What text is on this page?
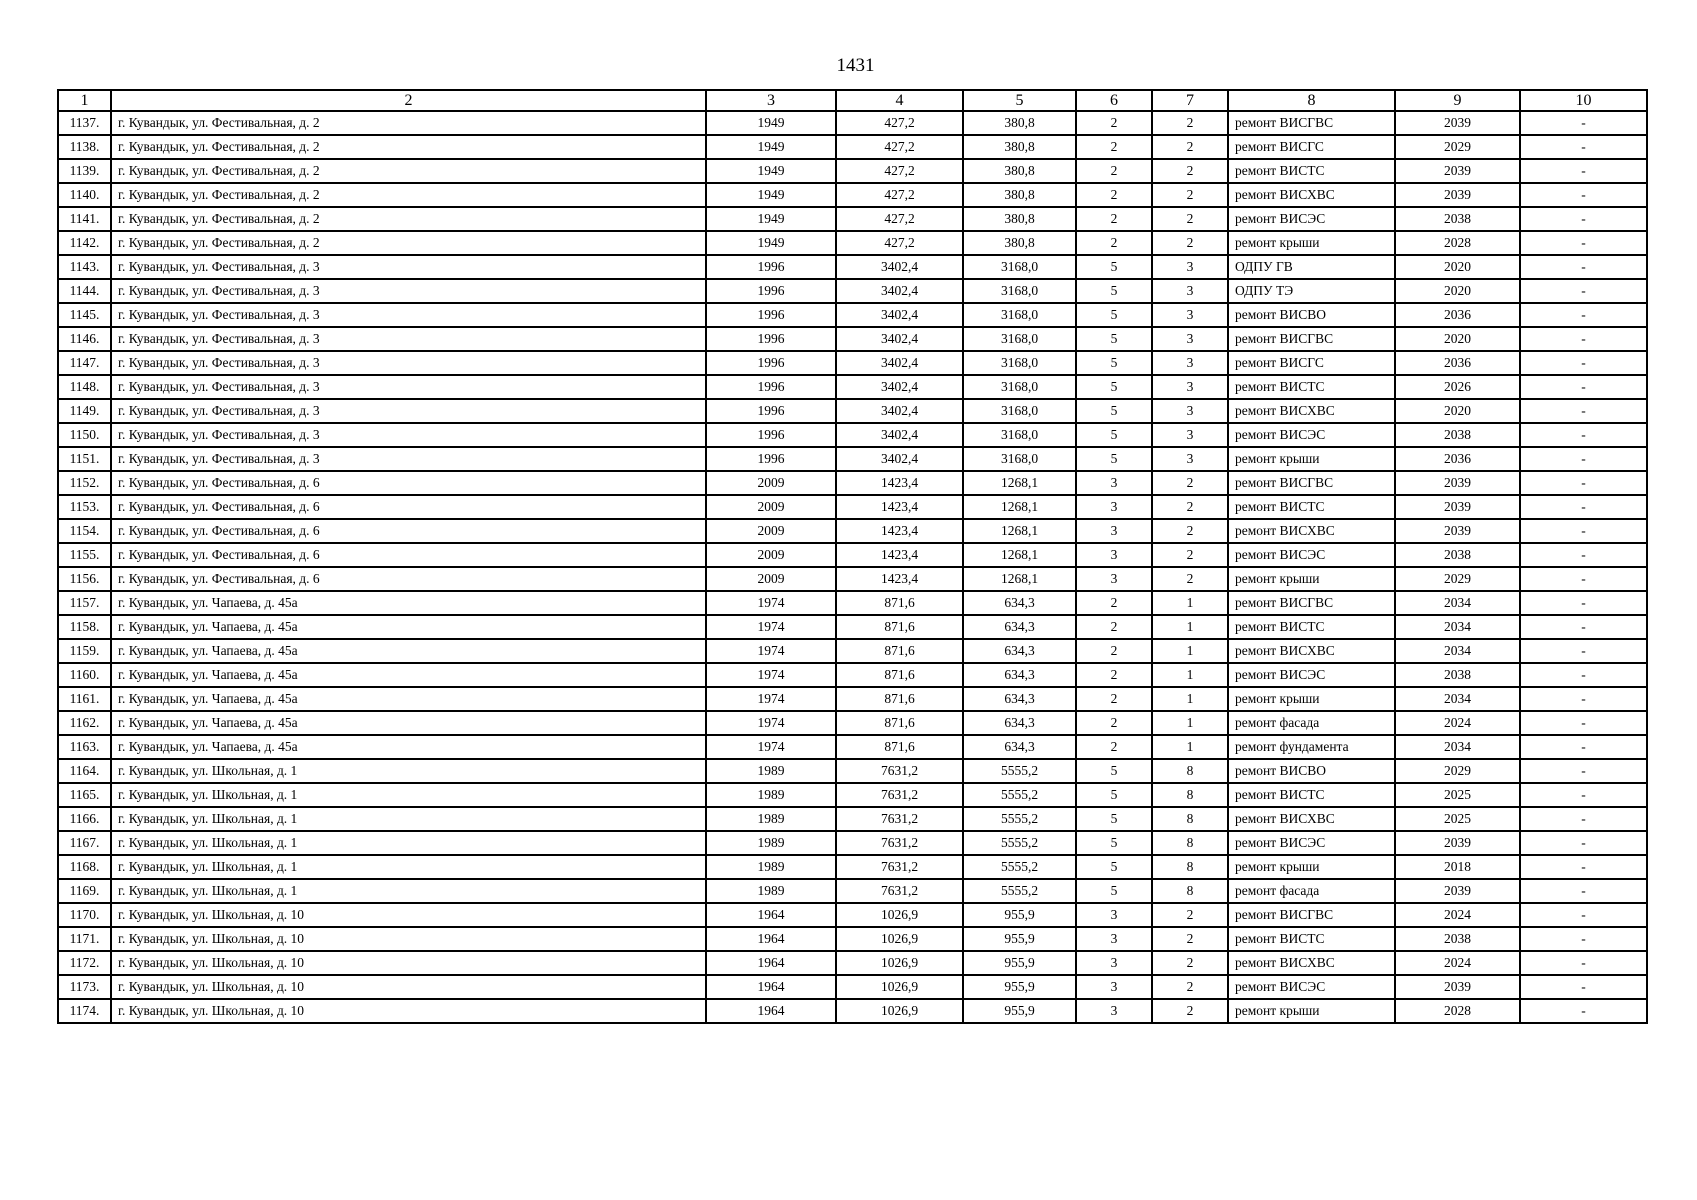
1431
1	2	3	4	5	6	7	8	9	10
1137.	г. Кувандык, ул. Фестивальная, д. 2	1949	427,2	380,8	2	2	ремонт ВИСГВС	2039	-
1138.	г. Кувандык, ул. Фестивальная, д. 2	1949	427,2	380,8	2	2	ремонт ВИСГС	2029	-
1139.	г. Кувандык, ул. Фестивальная, д. 2	1949	427,2	380,8	2	2	ремонт ВИСТС	2039	-
1140.	г. Кувандык, ул. Фестивальная, д. 2	1949	427,2	380,8	2	2	ремонт ВИСХВС	2039	-
1141.	г. Кувандык, ул. Фестивальная, д. 2	1949	427,2	380,8	2	2	ремонт ВИСЭС	2038	-
1142.	г. Кувандык, ул. Фестивальная, д. 2	1949	427,2	380,8	2	2	ремонт крыши	2028	-
1143.	г. Кувандык, ул. Фестивальная, д. 3	1996	3402,4	3168,0	5	3	ОДПУ ГВ	2020	-
1144.	г. Кувандык, ул. Фестивальная, д. 3	1996	3402,4	3168,0	5	3	ОДПУ ТЭ	2020	-
1145.	г. Кувандык, ул. Фестивальная, д. 3	1996	3402,4	3168,0	5	3	ремонт ВИСВО	2036	-
1146.	г. Кувандык, ул. Фестивальная, д. 3	1996	3402,4	3168,0	5	3	ремонт ВИСГВС	2020	-
1147.	г. Кувандык, ул. Фестивальная, д. 3	1996	3402,4	3168,0	5	3	ремонт ВИСГС	2036	-
1148.	г. Кувандык, ул. Фестивальная, д. 3	1996	3402,4	3168,0	5	3	ремонт ВИСТС	2026	-
1149.	г. Кувандык, ул. Фестивальная, д. 3	1996	3402,4	3168,0	5	3	ремонт ВИСХВС	2020	-
1150.	г. Кувандык, ул. Фестивальная, д. 3	1996	3402,4	3168,0	5	3	ремонт ВИСЭС	2038	-
1151.	г. Кувандык, ул. Фестивальная, д. 3	1996	3402,4	3168,0	5	3	ремонт крыши	2036	-
1152.	г. Кувандык, ул. Фестивальная, д. 6	2009	1423,4	1268,1	3	2	ремонт ВИСГВС	2039	-
1153.	г. Кувандык, ул. Фестивальная, д. 6	2009	1423,4	1268,1	3	2	ремонт ВИСТС	2039	-
1154.	г. Кувандык, ул. Фестивальная, д. 6	2009	1423,4	1268,1	3	2	ремонт ВИСХВС	2039	-
1155.	г. Кувандык, ул. Фестивальная, д. 6	2009	1423,4	1268,1	3	2	ремонт ВИСЭС	2038	-
1156.	г. Кувандык, ул. Фестивальная, д. 6	2009	1423,4	1268,1	3	2	ремонт крыши	2029	-
1157.	г. Кувандык, ул. Чапаева, д. 45а	1974	871,6	634,3	2	1	ремонт ВИСГВС	2034	-
1158.	г. Кувандык, ул. Чапаева, д. 45а	1974	871,6	634,3	2	1	ремонт ВИСТС	2034	-
1159.	г. Кувандык, ул. Чапаева, д. 45а	1974	871,6	634,3	2	1	ремонт ВИСХВС	2034	-
1160.	г. Кувандык, ул. Чапаева, д. 45а	1974	871,6	634,3	2	1	ремонт ВИСЭС	2038	-
1161.	г. Кувандык, ул. Чапаева, д. 45а	1974	871,6	634,3	2	1	ремонт крыши	2034	-
1162.	г. Кувандык, ул. Чапаева, д. 45а	1974	871,6	634,3	2	1	ремонт фасада	2024	-
1163.	г. Кувандык, ул. Чапаева, д. 45а	1974	871,6	634,3	2	1	ремонт фундамента	2034	-
1164.	г. Кувандык, ул. Школьная, д. 1	1989	7631,2	5555,2	5	8	ремонт ВИСВО	2029	-
1165.	г. Кувандык, ул. Школьная, д. 1	1989	7631,2	5555,2	5	8	ремонт ВИСТС	2025	-
1166.	г. Кувандык, ул. Школьная, д. 1	1989	7631,2	5555,2	5	8	ремонт ВИСХВС	2025	-
1167.	г. Кувандык, ул. Школьная, д. 1	1989	7631,2	5555,2	5	8	ремонт ВИСЭС	2039	-
1168.	г. Кувандык, ул. Школьная, д. 1	1989	7631,2	5555,2	5	8	ремонт крыши	2018	-
1169.	г. Кувандык, ул. Школьная, д. 1	1989	7631,2	5555,2	5	8	ремонт фасада	2039	-
1170.	г. Кувандык, ул. Школьная, д. 10	1964	1026,9	955,9	3	2	ремонт ВИСГВС	2024	-
1171.	г. Кувандык, ул. Школьная, д. 10	1964	1026,9	955,9	3	2	ремонт ВИСТС	2038	-
1172.	г. Кувандык, ул. Школьная, д. 10	1964	1026,9	955,9	3	2	ремонт ВИСХВС	2024	-
1173.	г. Кувандык, ул. Школьная, д. 10	1964	1026,9	955,9	3	2	ремонт ВИСЭС	2039	-
1174.	г. Кувандык, ул. Школьная, д. 10	1964	1026,9	955,9	3	2	ремонт крыши	2028	-
